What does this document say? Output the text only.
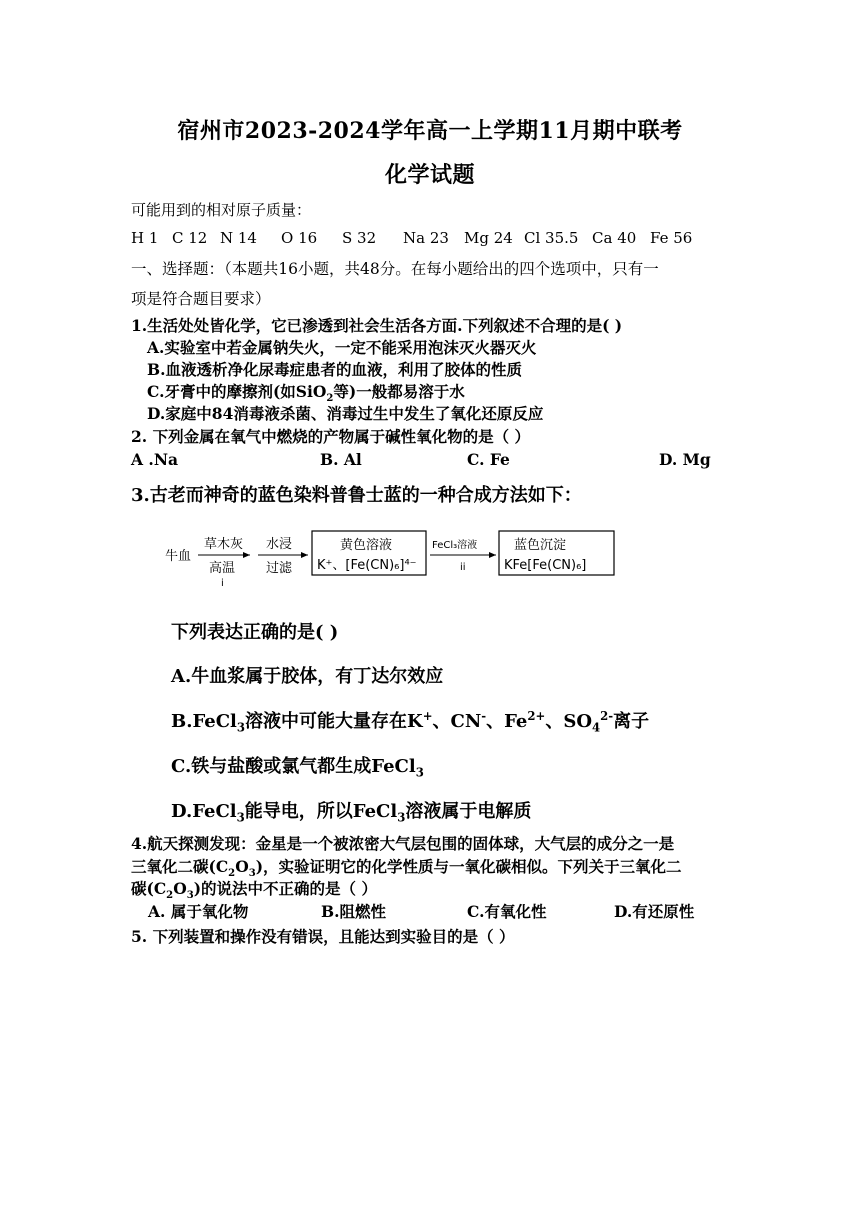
宿州市2023-2024学年高一上学期11月期中联考
化学试题
可能用到的相对原子质量：
H 1 C 12 N 14 O 16 S 32 Na 23 Mg 24 Cl 35.5 Ca 40 Fe 56
一、选择题：（本题共16小题，共48分。在每小题给出的四个选项中，只有一
项是符合题目要求）
1.生活处处皆化学，它已渗透到社会生活各方面.下列叙述不合理的是( )
A.实验室中若金属钠失火，一定不能采用泡沫灭火器灭火
B.血液透析净化尿毒症患者的血液，利用了胶体的性质
C.牙膏中的摩擦剂(如SiO$_2$等)一般都易溶于水
D.家庭中84消毒液杀菌、消毒过生中发生了氧化还原反应
2. 下列金属在氧气中燃烧的产物属于碱性氧化物的是（ ）
A .Na	B. Al	C. Fe	D. Mg
3.古老而神奇的蓝色染料普鲁士蓝的一种合成方法如下：
牛血
草木灰
高温
i
水浸
过滤
黄色溶液
K⁺、[Fe(CN)₆]⁴⁻
FeCl₃溶液
ii
蓝色沉淀
KFe[Fe(CN)₆]
下列表达正确的是( )
A.牛血浆属于胶体，有丁达尔效应
B.FeCl$_3$溶液中可能大量存在K+、CN-、$Fe^{2+}$、$SO_4^{2-}$离子
C.铁与盐酸或氯气都生成FeCl$_3$
D.FeCl$_3$能导电，所以FeCl$_3$溶液属于电解质
4.航天探测发现：金星是一个被浓密大气层包围的固体球，大气层的成分之一是
三氧化二碳$(C_2O_3)$，实验证明它的化学性质与一氧化碳相似。下列关于三氧化二
碳$(C_2O_3)$的说法中不正确的是（ ）
A. 属于氧化物	B.阻燃性	C.有氧化性	D.有还原性
5. 下列装置和操作没有错误，且能达到实验目的是（ ）
